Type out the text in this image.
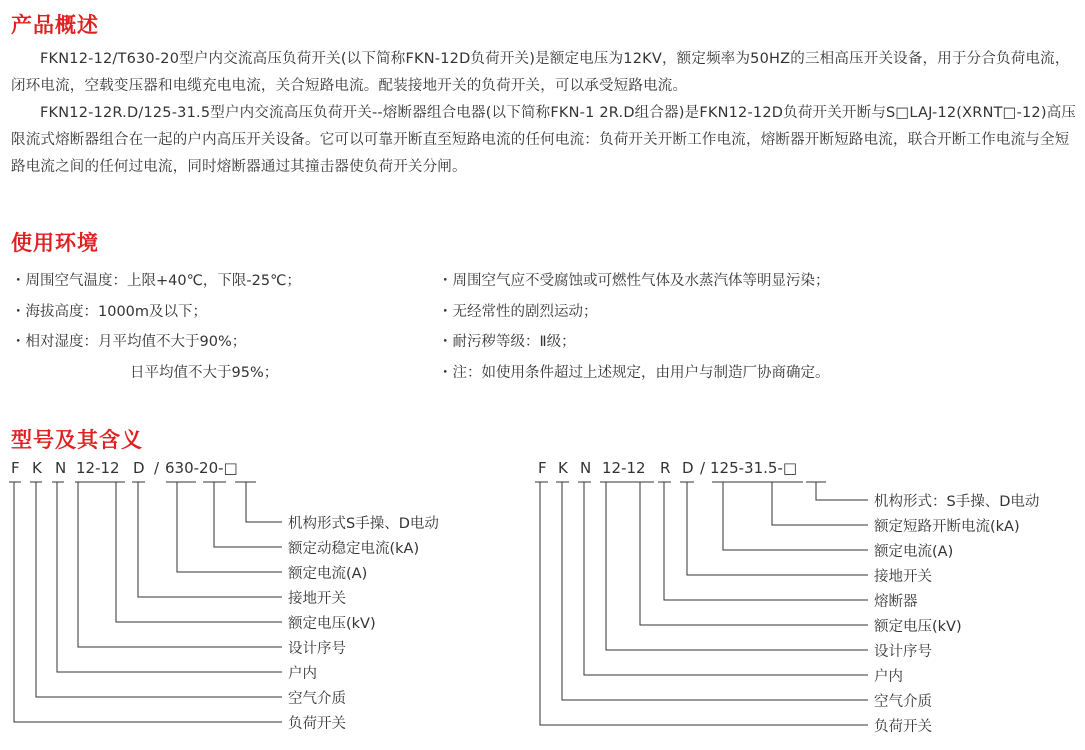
产品概述

FKN12-12/T630-20型户内交流高压负荷开关(以下简称FKN-12D负荷开关)是额定电压为12KV，额定频率为50HZ的三相高压开关设备，用于分合负荷电流，闭环电流，空载变压器和电缆充电电流，关合短路电流。配装接地开关的负荷开关，可以承受短路电流。

FKN12-12R.D/125-31.5型户内交流高压负荷开关--熔断器组合电器(以下简称FKN-1 2R.D组合器)是FKN12-12D负荷开关开断与S□LAJ-12(XRNT□-12)高压限流式熔断器组合在一起的户内高压开关设备。它可以可靠开断直至短路电流的任何电流：负荷开关开断工作电流，熔断器开断短路电流，联合开断工作电流与全短路电流之间的任何过电流，同时熔断器通过其撞击器使负荷开关分闸。

使用环境
・周围空气温度：上限+40℃，下限-25℃；
・海拔高度：1000m及以下；
・相对湿度：月平均值不大于90%；
日平均值不大于95%；
・周围空气应不受腐蚀或可燃性气体及水蒸汽体等明显污染；
・无经常性的剧烈运动；
・耐污秽等级：Ⅱ级；
・注：如使用条件超过上述规定，由用户与制造厂协商确定。
型号及其含义
F K N 12-12 D / 630-20-□	F K N 12-12 R D / 125-31.5-□
机构形式S手操、D电动
额定动稳定电流(kA)
额定电流(A)
接地开关
额定电压(kV)
设计序号
户内
空气介质
负荷开关
机构形式：S手操、D电动
额定短路开断电流(kA)
额定电流(A)
接地开关
熔断器
额定电压(kV)
设计序号
户内
空气介质
负荷开关
